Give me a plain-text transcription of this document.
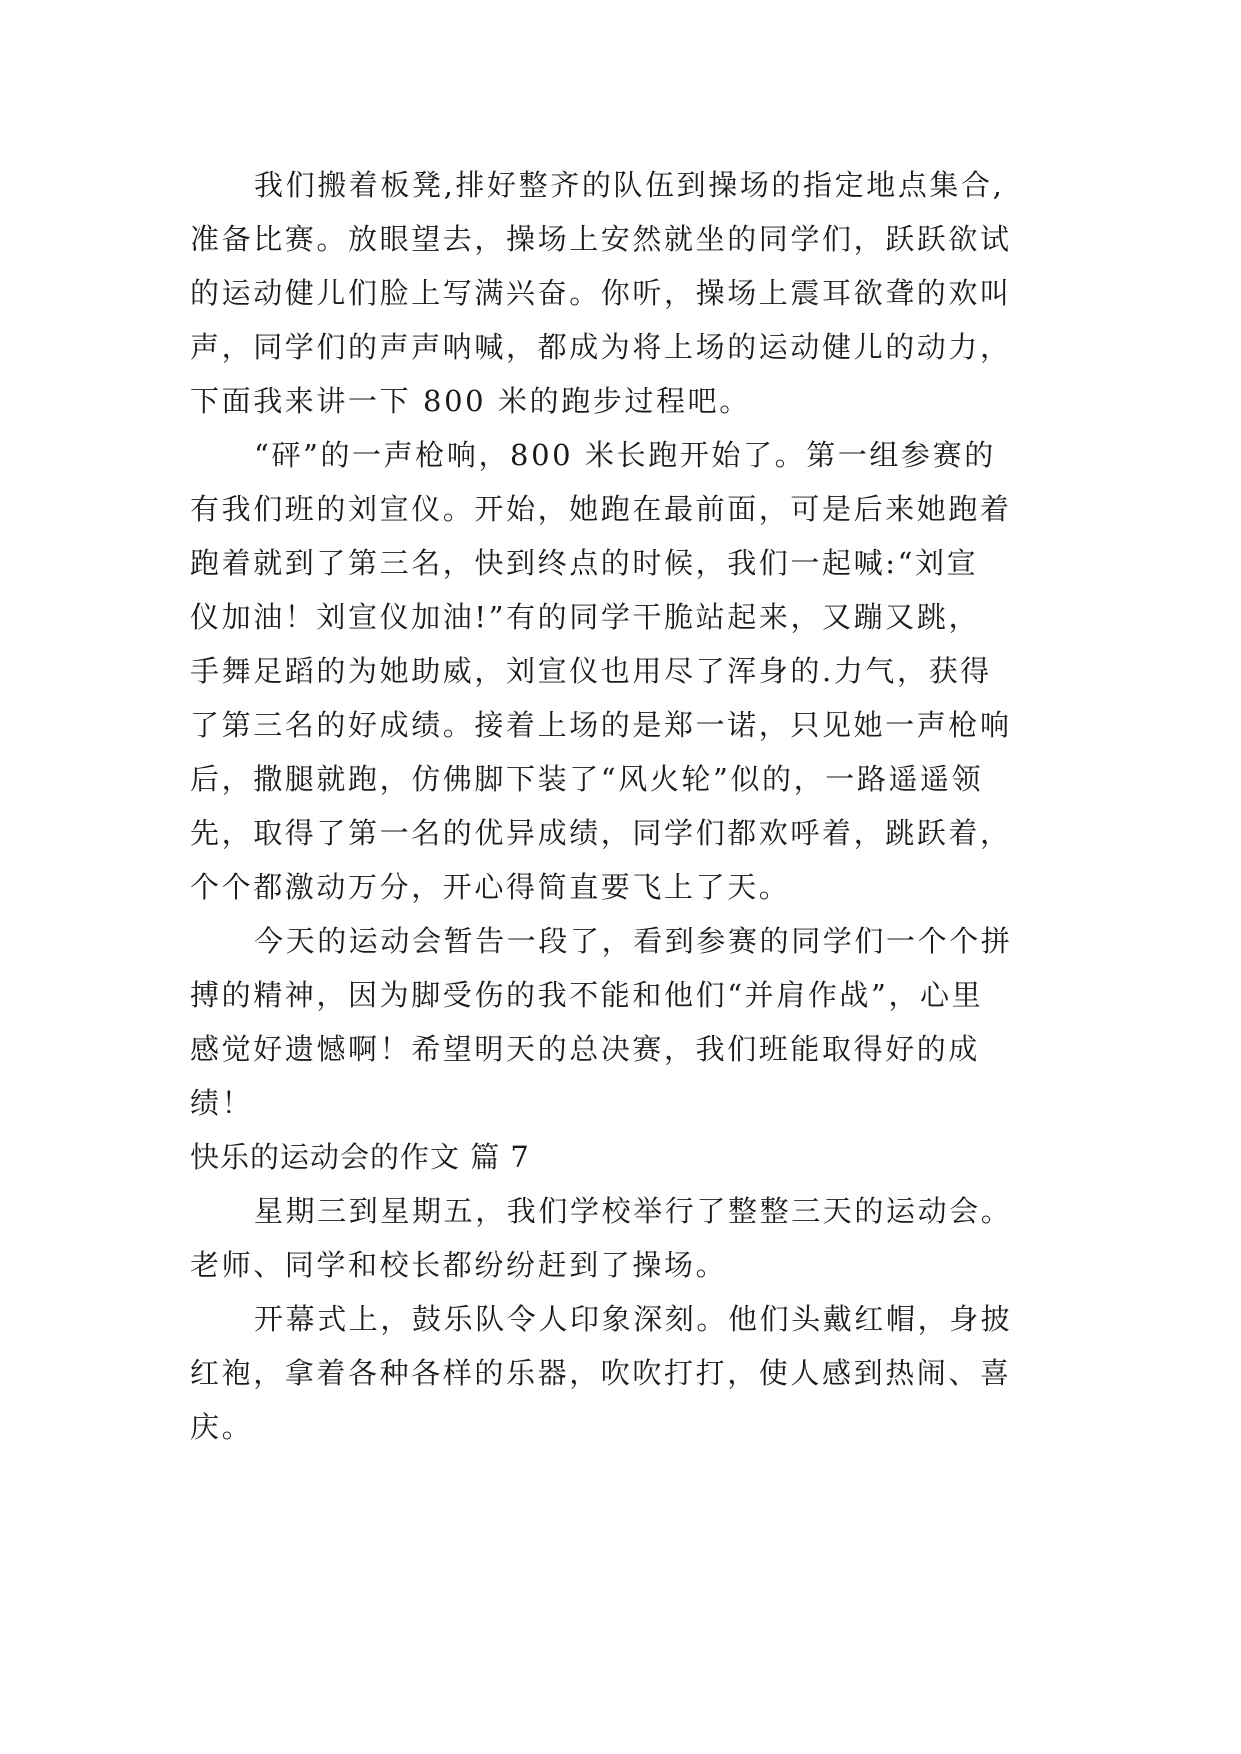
我们搬着板凳,排好整齐的队伍到操场的指定地点集合,
准备比赛。放眼望去，操场上安然就坐的同学们，跃跃欲试
的运动健儿们脸上写满兴奋。你听，操场上震耳欲聋的欢叫
声，同学们的声声呐喊，都成为将上场的运动健儿的动力，
下面我来讲一下 800 米的跑步过程吧。
“砰”的一声枪响，800 米长跑开始了。第一组参赛的
有我们班的刘宣仪。开始，她跑在最前面，可是后来她跑着
跑着就到了第三名，快到终点的时候，我们一起喊:“刘宣
仪加油！刘宣仪加油!”有的同学干脆站起来，又蹦又跳，
手舞足蹈的为她助威，刘宣仪也用尽了浑身的.力气，获得
了第三名的好成绩。接着上场的是郑一诺，只见她一声枪响
后，撒腿就跑，仿佛脚下装了“风火轮”似的，一路遥遥领
先，取得了第一名的优异成绩，同学们都欢呼着，跳跃着，
个个都激动万分，开心得简直要飞上了天。
今天的运动会暂告一段了，看到参赛的同学们一个个拼
搏的精神，因为脚受伤的我不能和他们“并肩作战”，心里
感觉好遗憾啊！希望明天的总决赛，我们班能取得好的成
绩！
快乐的运动会的作文 篇 7
星期三到星期五，我们学校举行了整整三天的运动会。
老师、同学和校长都纷纷赶到了操场。
开幕式上，鼓乐队令人印象深刻。他们头戴红帽，身披
红袍，拿着各种各样的乐器，吹吹打打，使人感到热闹、喜
庆。
